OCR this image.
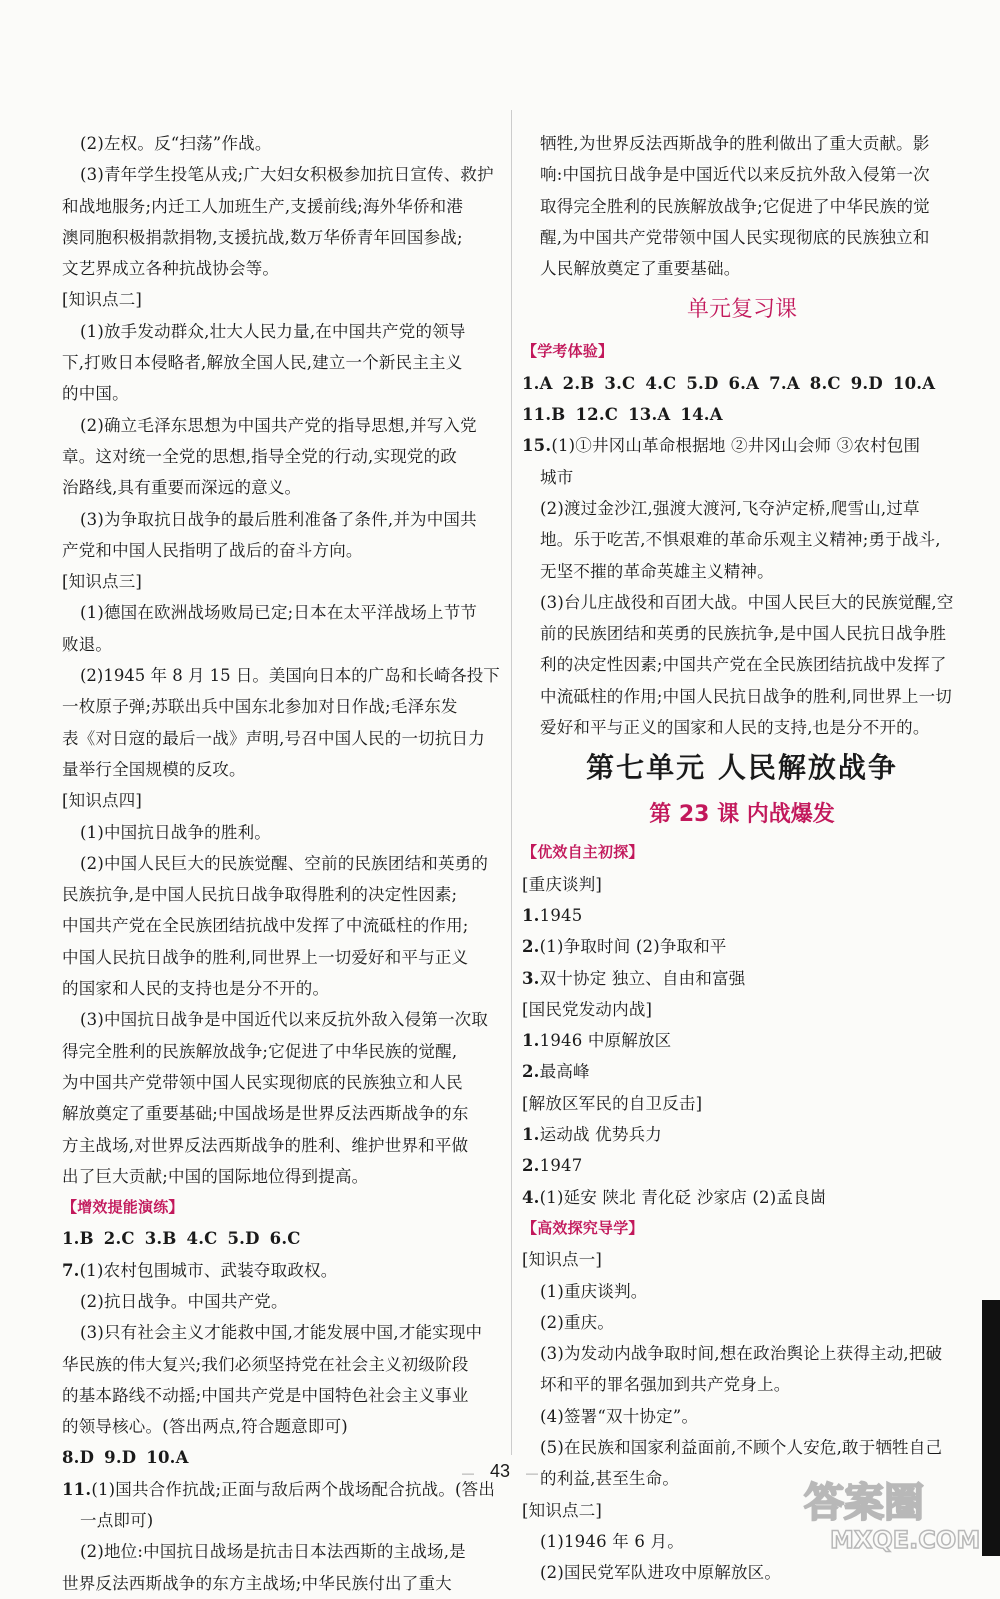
(2)左权。反“扫荡”作战。
(3)青年学生投笔从戎;广大妇女积极参加抗日宣传、救护
和战地服务;内迁工人加班生产,支援前线;海外华侨和港
澳同胞积极捐款捐物,支援抗战,数万华侨青年回国参战;
文艺界成立各种抗战协会等。
[知识点二]
(1)放手发动群众,壮大人民力量,在中国共产党的领导
下,打败日本侵略者,解放全国人民,建立一个新民主主义
的中国。
(2)确立毛泽东思想为中国共产党的指导思想,并写入党
章。这对统一全党的思想,指导全党的行动,实现党的政
治路线,具有重要而深远的意义。
(3)为争取抗日战争的最后胜利准备了条件,并为中国共
产党和中国人民指明了战后的奋斗方向。
[知识点三]
(1)德国在欧洲战场败局已定;日本在太平洋战场上节节
败退。
(2)1945 年 8 月 15 日。美国向日本的广岛和长崎各投下
一枚原子弹;苏联出兵中国东北参加对日作战;毛泽东发
表《对日寇的最后一战》声明,号召中国人民的一切抗日力
量举行全国规模的反攻。
[知识点四]
(1)中国抗日战争的胜利。
(2)中国人民巨大的民族觉醒、空前的民族团结和英勇的
民族抗争,是中国人民抗日战争取得胜利的决定性因素;
中国共产党在全民族团结抗战中发挥了中流砥柱的作用;
中国人民抗日战争的胜利,同世界上一切爱好和平与正义
的国家和人民的支持也是分不开的。
(3)中国抗日战争是中国近代以来反抗外敌入侵第一次取
得完全胜利的民族解放战争;它促进了中华民族的觉醒,
为中国共产党带领中国人民实现彻底的民族独立和人民
解放奠定了重要基础;中国战场是世界反法西斯战争的东
方主战场,对世界反法西斯战争的胜利、维护世界和平做
出了巨大贡献;中国的国际地位得到提高。
【增效提能演练】
1.B 2.C 3.B 4.C 5.D 6.C
7.(1)农村包围城市、武装夺取政权。
(2)抗日战争。中国共产党。
(3)只有社会主义才能救中国,才能发展中国,才能实现中
华民族的伟大复兴;我们必须坚持党在社会主义初级阶段
的基本路线不动摇;中国共产党是中国特色社会主义事业
的领导核心。(答出两点,符合题意即可)
8.D 9.D 10.A
11.(1)国共合作抗战;正面与敌后两个战场配合抗战。(答出
一点即可)
(2)地位:中国抗日战场是抗击日本法西斯的主战场,是
世界反法西斯战争的东方主战场;中华民族付出了重大
牺牲,为世界反法西斯战争的胜利做出了重大贡献。影
响:中国抗日战争是中国近代以来反抗外敌入侵第一次
取得完全胜利的民族解放战争;它促进了中华民族的觉
醒,为中国共产党带领中国人民实现彻底的民族独立和
人民解放奠定了重要基础。
单元复习课
【学考体验】
1.A 2.B 3.C 4.C 5.D 6.A 7.A 8.C 9.D 10.A
11.B 12.C 13.A 14.A
15.(1)①井冈山革命根据地 ②井冈山会师 ③农村包围
城市
(2)渡过金沙江,强渡大渡河,飞夺泸定桥,爬雪山,过草
地。乐于吃苦,不惧艰难的革命乐观主义精神;勇于战斗,
无坚不摧的革命英雄主义精神。
(3)台儿庄战役和百团大战。中国人民巨大的民族觉醒,空
前的民族团结和英勇的民族抗争,是中国人民抗日战争胜
利的决定性因素;中国共产党在全民族团结抗战中发挥了
中流砥柱的作用;中国人民抗日战争的胜利,同世界上一切
爱好和平与正义的国家和人民的支持,也是分不开的。
第七单元 人民解放战争
第 23 课 内战爆发
【优效自主初探】
[重庆谈判]
1.1945
2.(1)争取时间 (2)争取和平
3.双十协定 独立、自由和富强
[国民党发动内战]
1.1946 中原解放区
2.最高峰
[解放区军民的自卫反击]
1.运动战 优势兵力
2.1947
4.(1)延安 陕北 青化砭 沙家店 (2)孟良崮
【高效探究导学】
[知识点一]
(1)重庆谈判。
(2)重庆。
(3)为发动内战争取时间,想在政治舆论上获得主动,把破
坏和平的罪名强加到共产党身上。
(4)签署“双十协定”。
(5)在民族和国家利益面前,不顾个人安危,敢于牺牲自己
的利益,甚至生命。
[知识点二]
(1)1946 年 6 月。
(2)国民党军队进攻中原解放区。
— 43 —
答案圈
MXQE.COM
